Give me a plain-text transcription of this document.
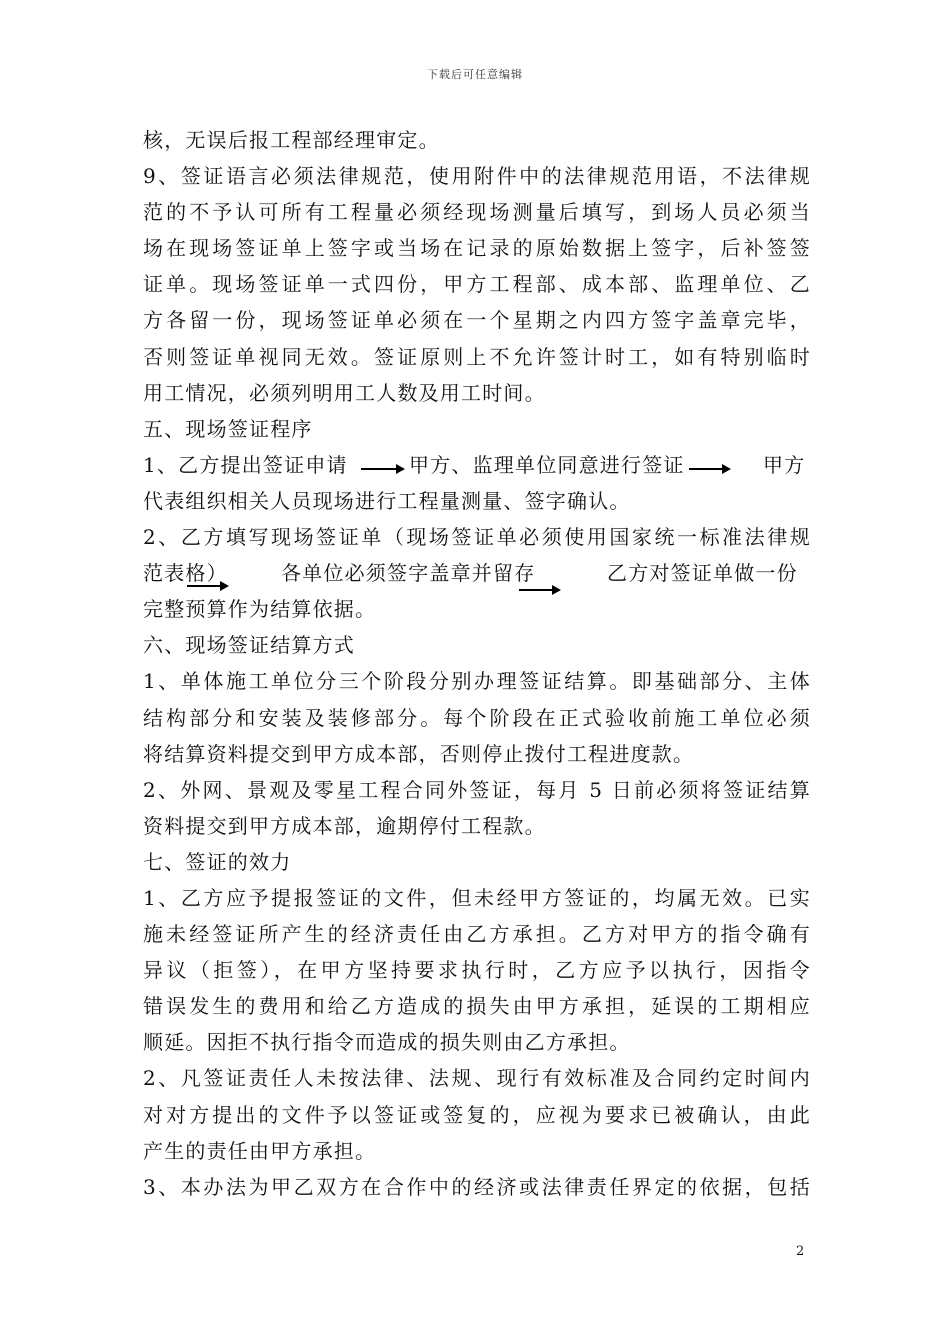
下载后可任意编辑
核，无误后报工程部经理审定。
9、签证语言必须法律规范，使用附件中的法律规范用语，不法律规
范的不予认可所有工程量必须经现场测量后填写，到场人员必须当
场在现场签证单上签字或当场在记录的原始数据上签字，后补签签
证单。现场签证单一式四份，甲方工程部、成本部、监理单位、乙
方各留一份，现场签证单必须在一个星期之内四方签字盖章完毕，
否则签证单视同无效。签证原则上不允许签计时工，如有特别临时
用工情况，必须列明用工人数及用工时间。
五、现场签证程序
1、乙方提出签证申请	甲方、监理单位同意进行签证	甲方
代表组织相关人员现场进行工程量测量、签字确认。
2、乙方填写现场签证单（现场签证单必须使用国家统一标准法律规
范表格）	各单位必须签字盖章并留存	乙方对签证单做一份
完整预算作为结算依据。
六、现场签证结算方式
1、单体施工单位分三个阶段分别办理签证结算。即基础部分、主体
结构部分和安装及装修部分。每个阶段在正式验收前施工单位必须
将结算资料提交到甲方成本部，否则停止拨付工程进度款。
2、外网、景观及零星工程合同外签证，每月 5 日前必须将签证结算
资料提交到甲方成本部，逾期停付工程款。
七、签证的效力
1、乙方应予提报签证的文件，但未经甲方签证的，均属无效。已实
施未经签证所产生的经济责任由乙方承担。乙方对甲方的指令确有
异议（拒签），在甲方坚持要求执行时，乙方应予以执行，因指令
错误发生的费用和给乙方造成的损失由甲方承担，延误的工期相应
顺延。因拒不执行指令而造成的损失则由乙方承担。
2、凡签证责任人未按法律、法规、现行有效标准及合同约定时间内
对对方提出的文件予以签证或签复的，应视为要求已被确认，由此
产生的责任由甲方承担。
3、本办法为甲乙双方在合作中的经济或法律责任界定的依据，包括
2
